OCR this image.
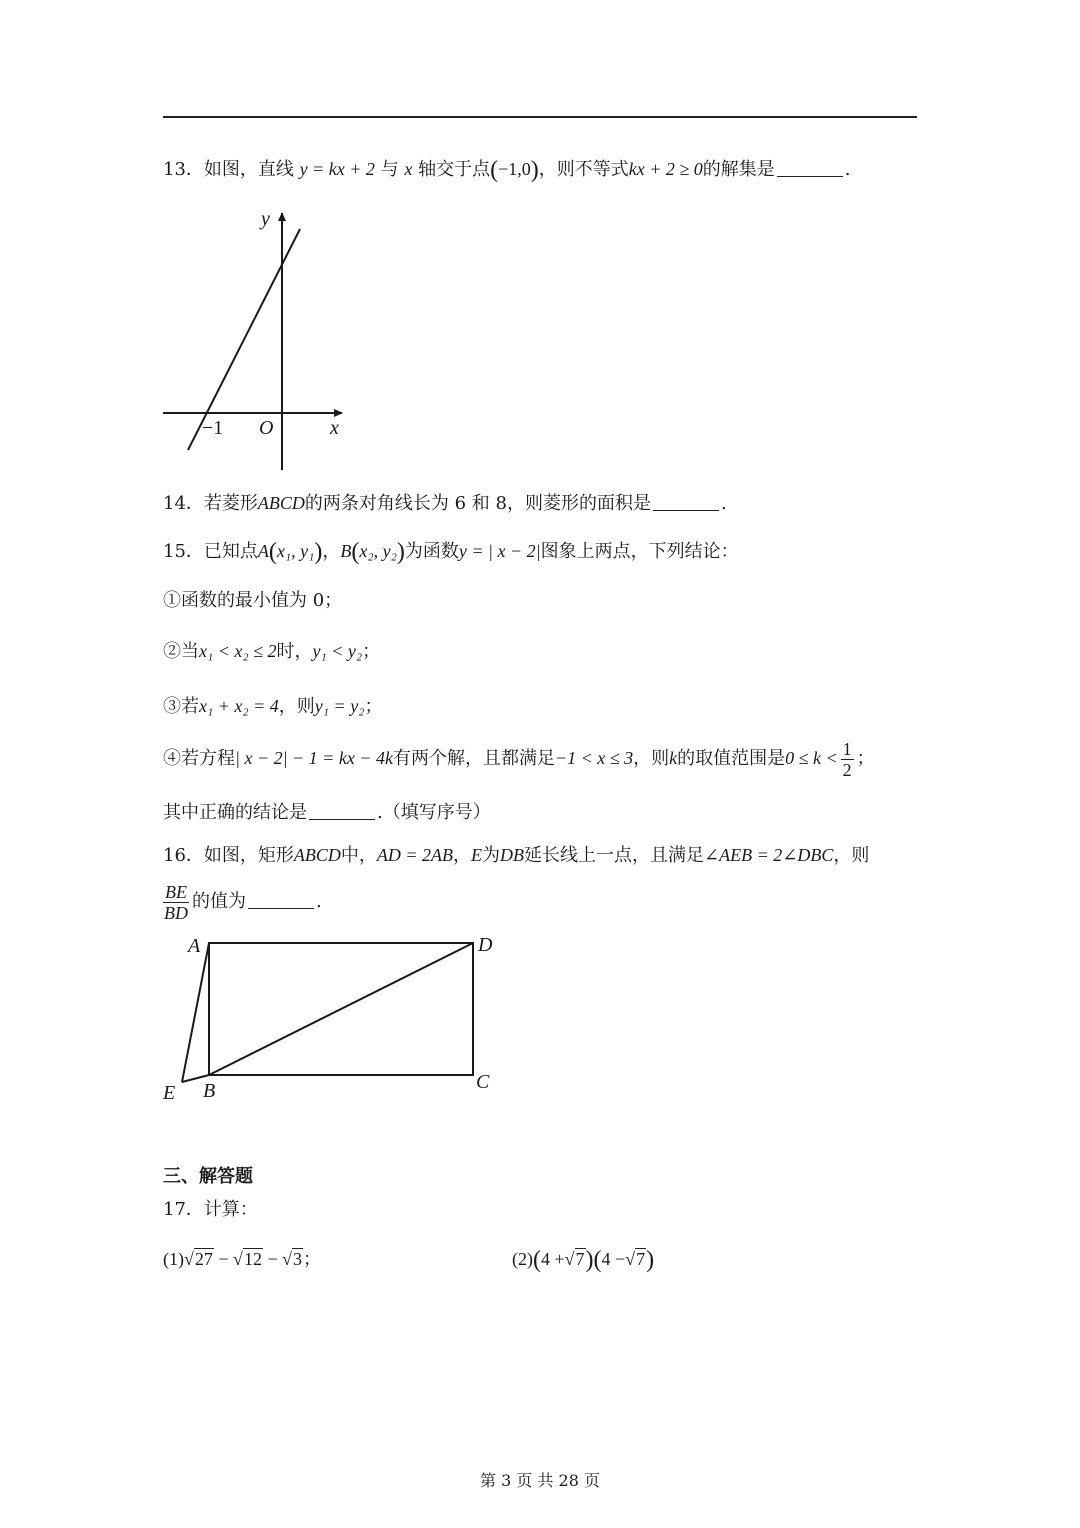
13．如图，直线 y = kx + 2 与 x 轴交于点(−1,0)，则不等式kx + 2 ≥ 0的解集是	.
y
x
O
−1
14．若菱形ABCD的两条对角线长为 6 和 8，则菱形的面积是	.
15．已知点A(x₁, y₁)，B(x₂, y₂)为函数y = | x − 2|图象上两点，下列结论：
①函数的最小值为 0；
②当x₁ < x₂ ≤ 2时，y₁ < y₂；
③若x₁ + x₂ = 4，则y₁ = y₂；
④若方程| x − 2| − 1 = kx − 4k有两个解，且都满足−1 < x ≤ 3，则k的取值范围是$0 \le k < \frac{1}{2}$ ；
其中正确的结论是	.（填写序号）
16．如图，矩形ABCD中，AD = 2AB，E为DB延长线上一点，且满足∠AEB = 2∠DBC，则
$\frac{BE}{BD}$ 的值为	.
A	D
C
B
E
三、解答题
17．计算：
(1)√27 − √12 − √3；	(2)(4 +√7)(4 −√7)
第 3 页 共 28 页
